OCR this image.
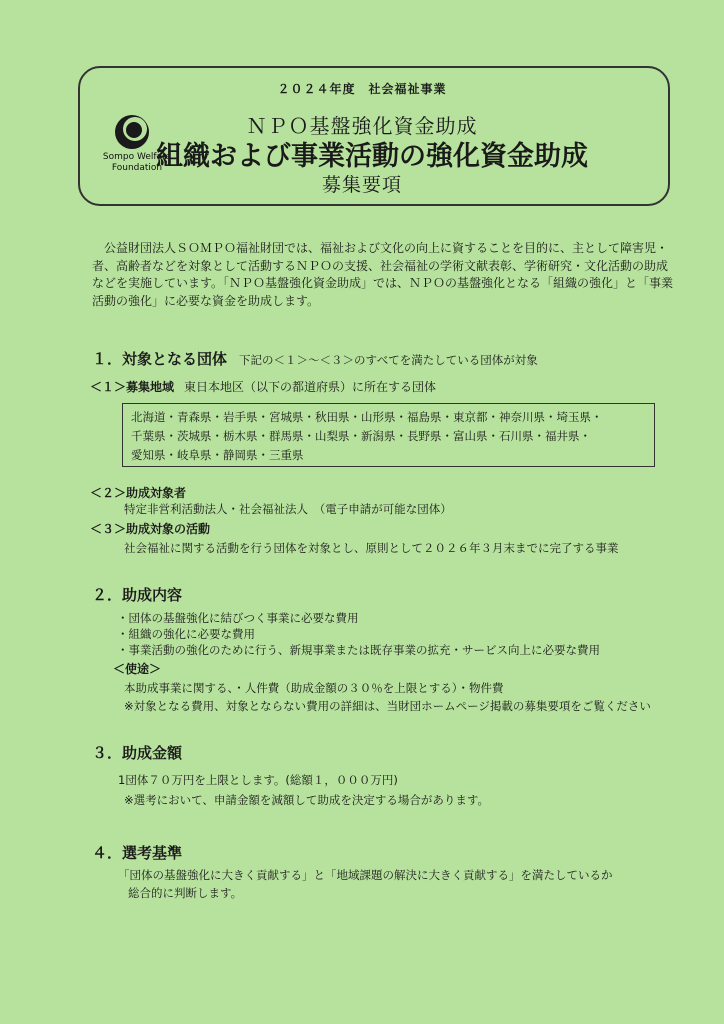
Sompo Welfare
Foundation
２０２４年度　社会福祉事業
ＮＰＯ基盤強化資金助成
組織および事業活動の強化資金助成
募集要項

公益財団法人ＳＯＭＰＯ福祉財団では、福祉および文化の向上に資することを目的に、主として障害児・者、高齢者などを対象として活動するＮＰＯの支援、社会福祉の学術文献表彰、学術研究・文化活動の助成などを実施しています。「ＮＰＯ基盤強化資金助成」では、ＮＰＯの基盤強化となる「組織の強化」と「事業活動の強化」に必要な資金を助成します。

１．対象となる団体 下記の＜１＞～＜３＞のすべてを満たしている団体が対象
＜１＞募集地域 東日本地区（以下の都道府県）に所在する団体
北海道・青森県・岩手県・宮城県・秋田県・山形県・福島県・東京都・神奈川県・埼玉県・
千葉県・茨城県・栃木県・群馬県・山梨県・新潟県・長野県・富山県・石川県・福井県・
愛知県・岐阜県・静岡県・三重県
＜２＞助成対象者
特定非営利活動法人・社会福祉法人　（電子申請が可能な団体）
＜３＞助成対象の活動
社会福祉に関する活動を行う団体を対象とし、原則として２０２６年３月末までに完了する事業
２．助成内容
・団体の基盤強化に結びつく事業に必要な費用
・組織の強化に必要な費用
・事業活動の強化のために行う、新規事業または既存事業の拡充・サービス向上に必要な費用
＜使途＞
本助成事業に関する、・人件費（助成金額の３０％を上限とする）・物件費
※対象となる費用、対象とならない費用の詳細は、当財団ホームページ掲載の募集要項をご覧ください
３．助成金額
1団体７０万円を上限とします。(総額１，０００万円)
※選考において、申請金額を減額して助成を決定する場合があります。
４．選考基準
「団体の基盤強化に大きく貢献する」と「地域課題の解決に大きく貢献する」を満たしているか
総合的に判断します。
